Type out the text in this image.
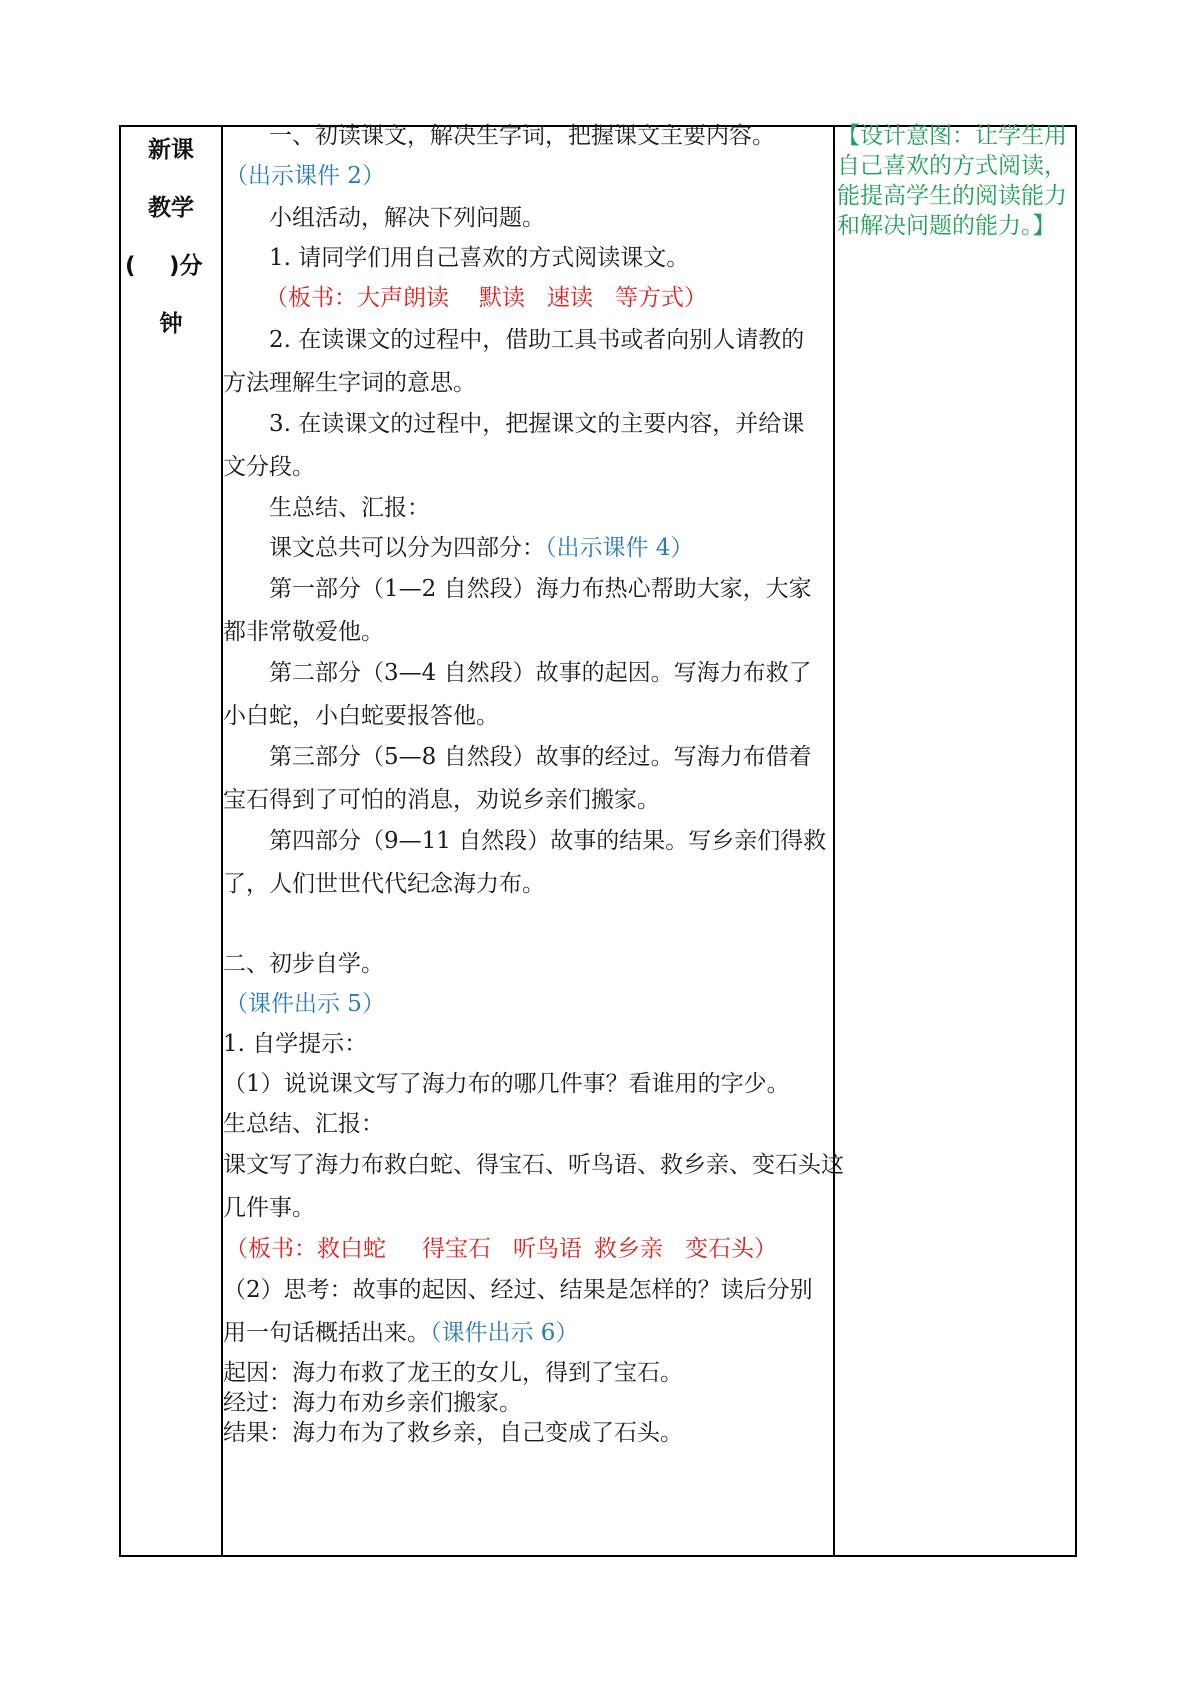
新课
教学
( )分
钟
一、初读课文，解决生字词，把握课文主要内容。
（出示课件 2）
小组活动，解决下列问题。
1. 请同学们用自己喜欢的方式阅读课文。
（板书：大声朗读 默读 速读 等方式）
2. 在读课文的过程中，借助工具书或者向别人请教的
方法理解生字词的意思。
3. 在读课文的过程中，把握课文的主要内容，并给课
文分段。
生总结、汇报：
课文总共可以分为四部分：（出示课件 4）
第一部分（1—2 自然段）海力布热心帮助大家，大家
都非常敬爱他。
第二部分（3—4 自然段）故事的起因。写海力布救了
小白蛇，小白蛇要报答他。
第三部分（5—8 自然段）故事的经过。写海力布借着
宝石得到了可怕的消息，劝说乡亲们搬家。
第四部分（9—11 自然段）故事的结果。写乡亲们得救
了，人们世世代代纪念海力布。
二、初步自学。
（课件出示 5）
1. 自学提示：
（1）说说课文写了海力布的哪几件事？看谁用的字少。
生总结、汇报：
课文写了海力布救白蛇、得宝石、听鸟语、救乡亲、变石头这
几件事。
（板书：救白蛇 得宝石 听鸟语 救乡亲 变石头）
（2）思考：故事的起因、经过、结果是怎样的？读后分别
用一句话概括出来。（课件出示 6）
起因：海力布救了龙王的女儿，得到了宝石。
经过：海力布劝乡亲们搬家。
结果：海力布为了救乡亲，自己变成了石头。
【设计意图：让学生用
自己喜欢的方式阅读，
能提高学生的阅读能力
和解决问题的能力。】
